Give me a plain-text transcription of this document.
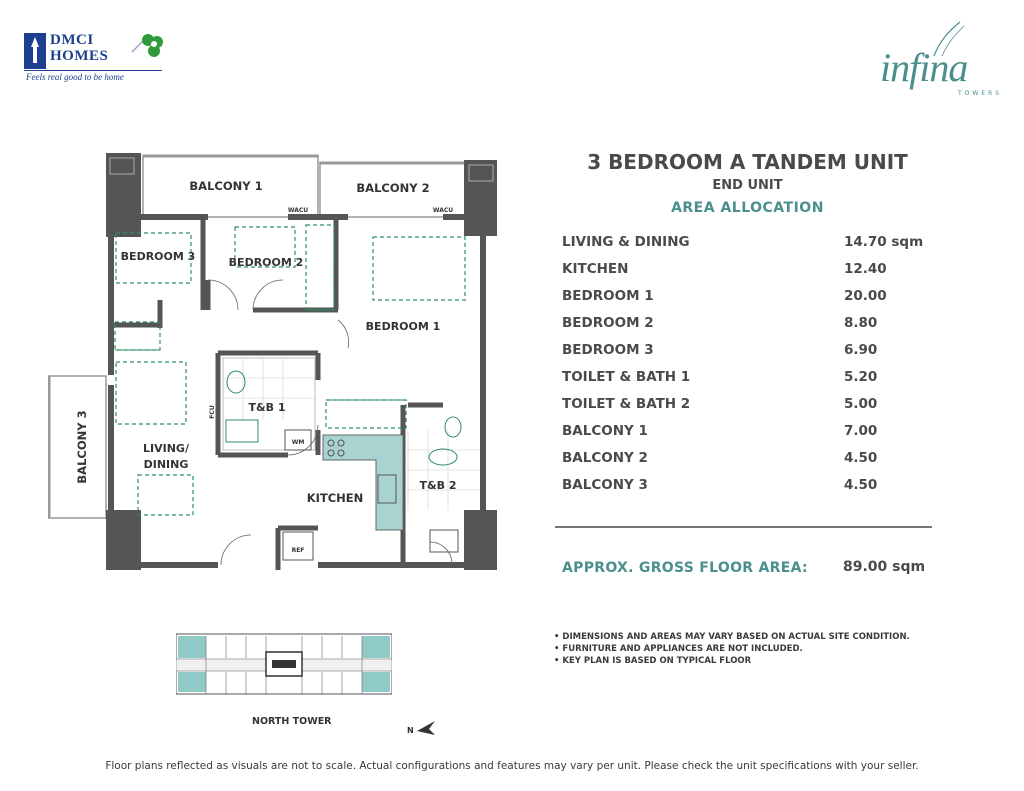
DMCI
HOMES
Feels real good to be home	infina
TOWERS
BALCONY 1	BALCONY 2
BALCONY 3
BEDROOM 3	BEDROOM 2
BEDROOM 1
T&B 1
T&B 2
LIVING/
DINING
KITCHEN
WACU	WACU
WM
REF
FCU
3 BEDROOM A TANDEM UNIT
END UNIT
AREA ALLOCATION
LIVING & DINING	14.70 sqm
KITCHEN	12.40
BEDROOM 1	20.00
BEDROOM 2	8.80
BEDROOM 3	6.90
TOILET & BATH 1	5.20
TOILET & BATH 2	5.00
BALCONY 1	7.00
BALCONY 2	4.50
BALCONY 3	4.50
APPROX. GROSS FLOOR AREA:	89.00 sqm
• DIMENSIONS AND AREAS MAY VARY BASED ON ACTUAL SITE CONDITION.
• FURNITURE AND APPLIANCES ARE NOT INCLUDED.
• KEY PLAN IS BASED ON TYPICAL FLOOR
NORTH TOWER
N
Floor plans reflected as visuals are not to scale. Actual configurations and features may vary per unit. Please check the unit specifications with your seller.
